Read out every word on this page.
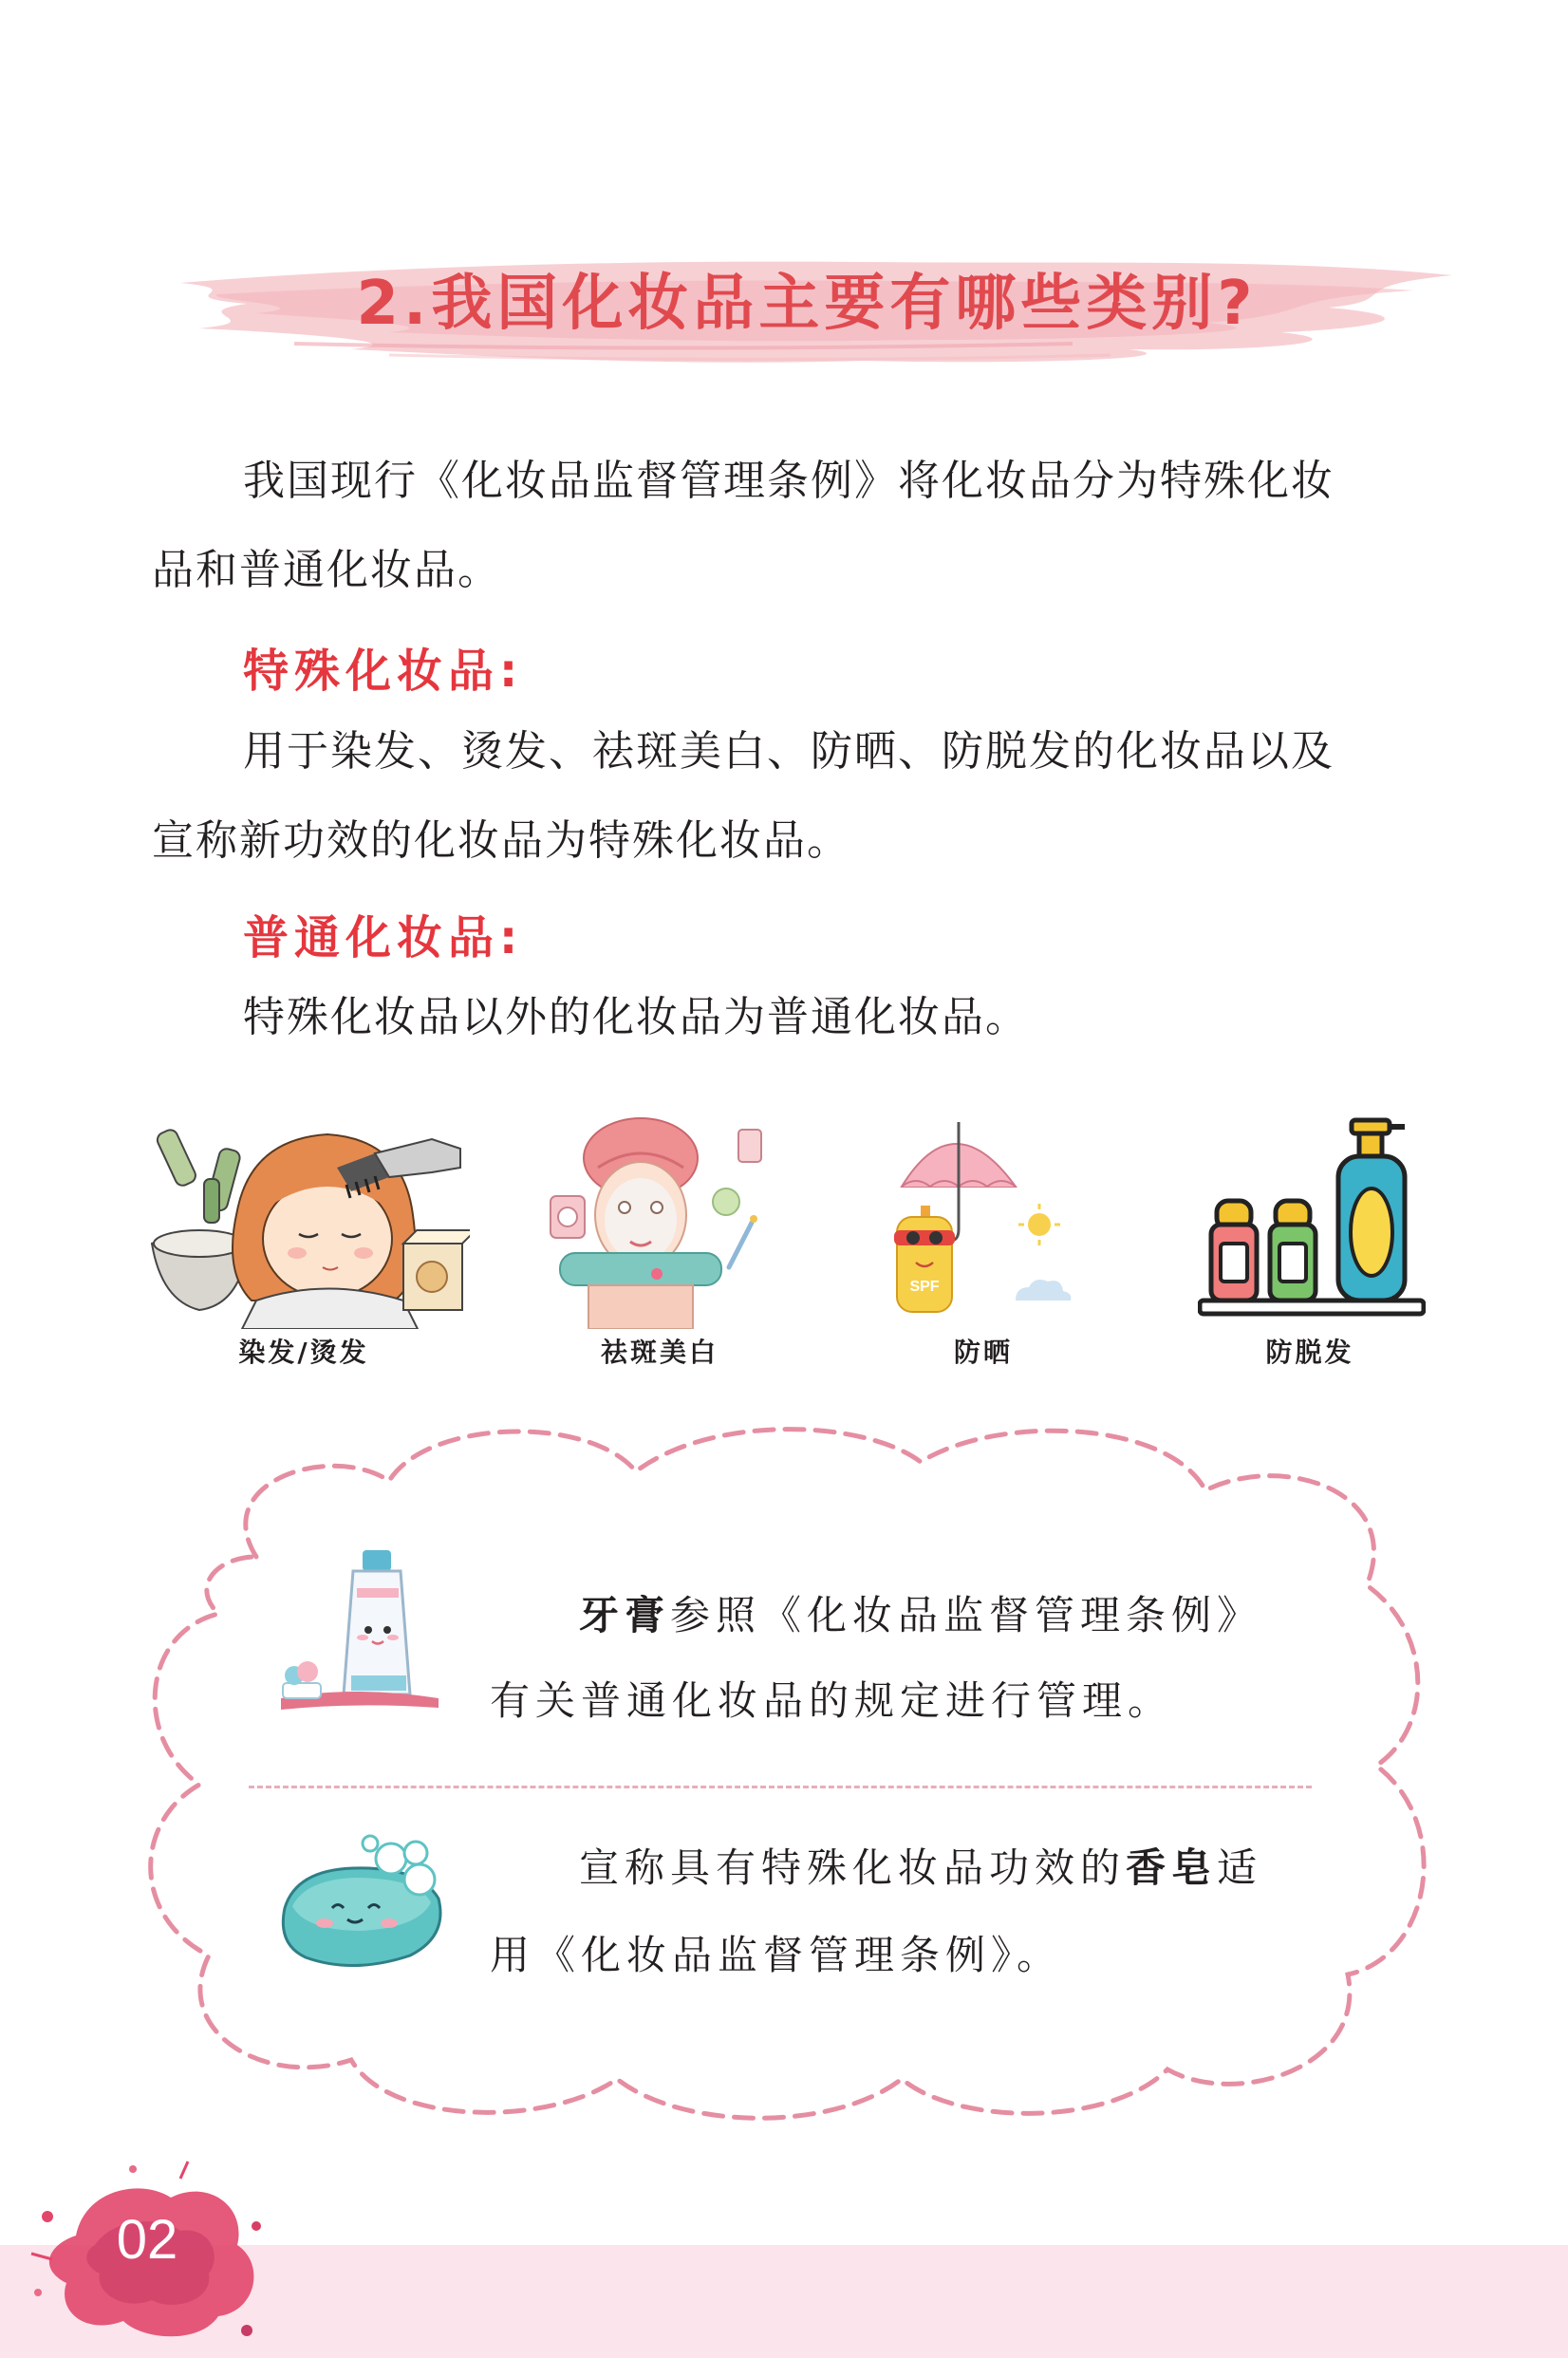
2.我国化妆品主要有哪些类别?
我国现行《化妆品监督管理条例》将化妆品分为特殊化妆
品和普通化妆品。
特殊化妆品:
用于染发、烫发、祛斑美白、防晒、防脱发的化妆品以及
宣称新功效的化妆品为特殊化妆品。
普通化妆品:
特殊化妆品以外的化妆品为普通化妆品。
染发/烫发	祛斑美白
SPF
防晒	防脱发
牙膏参照《化妆品监督管理条例》
有关普通化妆品的规定进行管理。
宣称具有特殊化妆品功效的香皂适
用《化妆品监督管理条例》。
02
